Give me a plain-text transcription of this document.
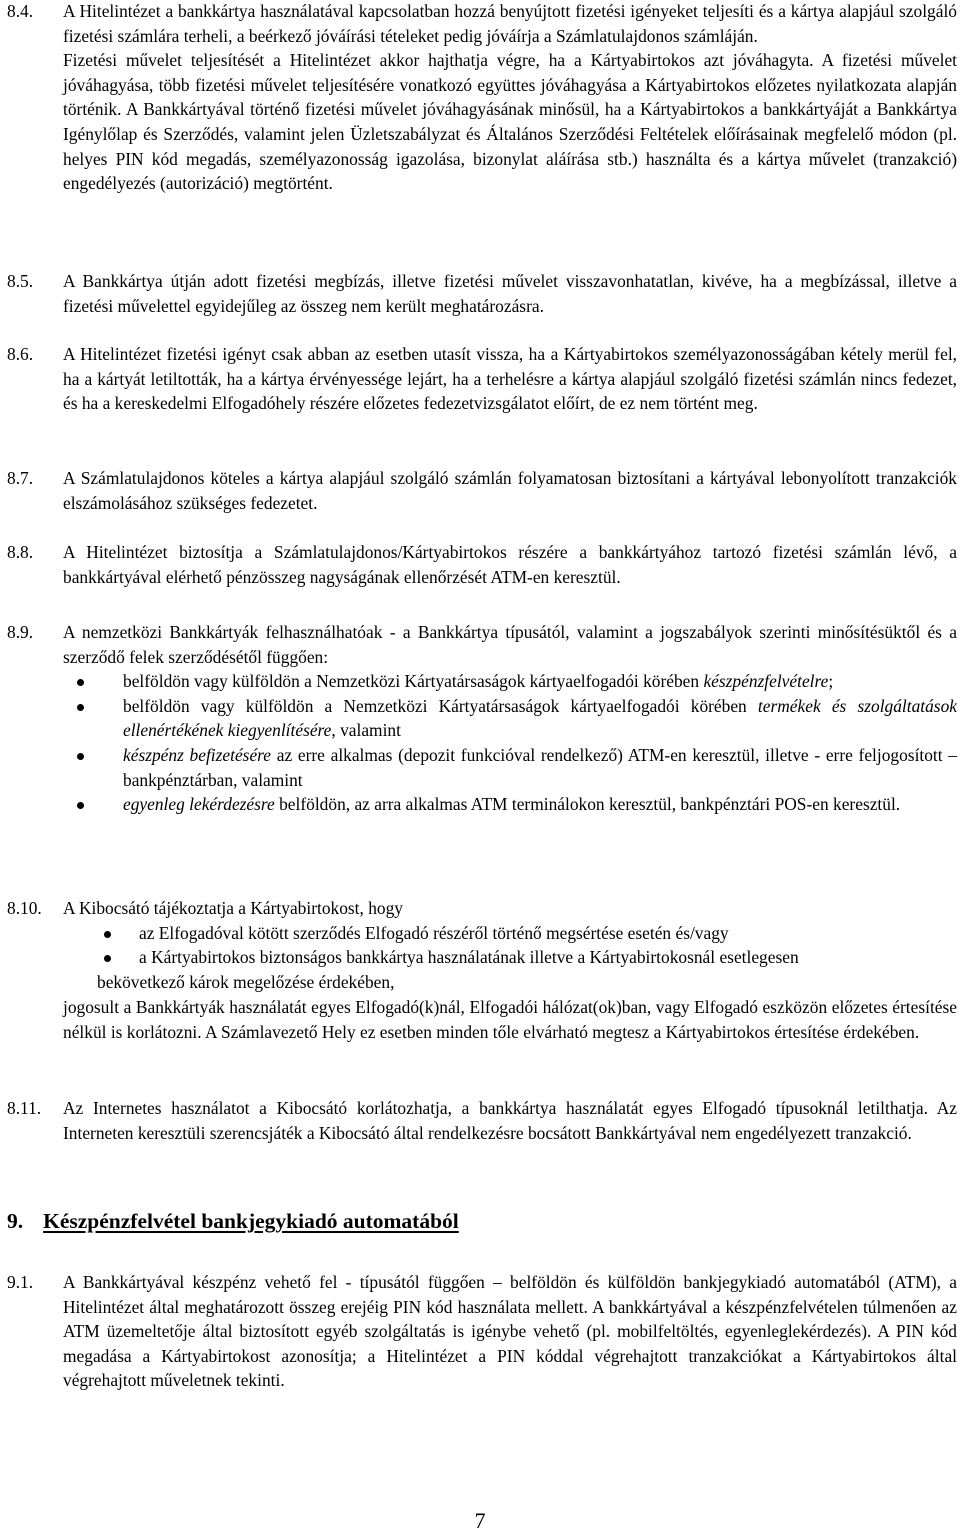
8.4.	A Hitelintézet a bankkártya használatával kapcsolatban hozzá benyújtott fizetési igényeket teljesíti és a kártya alapjául szolgáló fizetési számlára terheli, a beérkező jóváírási tételeket pedig jóváírja a Számlatulajdonos számláján.

Fizetési művelet teljesítését a Hitelintézet akkor hajthatja végre, ha a Kártyabirtokos azt jóváhagyta. A fizetési művelet jóváhagyása, több fizetési művelet teljesítésére vonatkozó együttes jóváhagyása a Kártyabirtokos előzetes nyilatkozata alapján történik. A Bankkártyával történő fizetési művelet jóváhagyásának minősül, ha a Kártyabirtokos a bankkártyáját a Bankkártya Igénylőlap és Szerződés, valamint jelen Üzletszabályzat és Általános Szerződési Feltételek előírásainak megfelelő módon (pl. helyes PIN kód megadás, személyazonosság igazolása, bizonylat aláírása stb.) használta és a kártya művelet (tranzakció) engedélyezés (autorizáció) megtörtént.

8.5.	A Bankkártya útján adott fizetési megbízás, illetve fizetési művelet visszavonhatatlan, kivéve, ha a megbízással, illetve a fizetési művelettel egyidejűleg az összeg nem került meghatározásra.
8.6.	A Hitelintézet fizetési igényt csak abban az esetben utasít vissza, ha a Kártyabirtokos személyazonosságában kétely merül fel, ha a kártyát letiltották, ha a kártya érvényessége lejárt, ha a terhelésre a kártya alapjául szolgáló fizetési számlán nincs fedezet, és ha a kereskedelmi Elfogadóhely részére előzetes fedezetvizsgálatot előírt, de ez nem történt meg.
8.7.	A Számlatulajdonos köteles a kártya alapjául szolgáló számlán folyamatosan biztosítani a kártyával lebonyolított tranzakciók elszámolásához szükséges fedezetet.
8.8.	A Hitelintézet biztosítja a Számlatulajdonos/Kártyabirtokos részére a bankkártyához tartozó fizetési számlán lévő, a bankkártyával elérhető pénzösszeg nagyságának ellenőrzését ATM-en keresztül.
8.9.	A nemzetközi Bankkártyák felhasználhatóak - a Bankkártya típusától, valamint a jogszabályok szerinti minősítésüktől és a szerződő felek szerződésétől függően:

belföldön vagy külföldön a Nemzetközi Kártyatársaságok kártyaelfogadói körében készpénzfelvételre;
belföldön vagy külföldön a Nemzetközi Kártyatársaságok kártyaelfogadói körében termékek és szolgáltatások ellenértékének kiegyenlítésére, valamint
készpénz befizetésére az erre alkalmas (depozit funkcióval rendelkező) ATM-en keresztül, illetve - erre feljogosított – bankpénztárban, valamint
egyenleg lekérdezésre belföldön, az arra alkalmas ATM terminálokon keresztül, bankpénztári POS-en keresztül.
8.10.	A Kibocsátó tájékoztatja a Kártyabirtokost, hogy

az Elfogadóval kötött szerződés Elfogadó részéről történő megsértése esetén és/vagy
a Kártyabirtokos biztonságos bankkártya használatának illetve a Kártyabirtokosnál esetlegesen
bekövetkező károk megelőzése érdekében,
jogosult a Bankkártyák használatát egyes Elfogadó(k)nál, Elfogadói hálózat(ok)ban, vagy Elfogadó eszközön előzetes értesítése nélkül is korlátozni. A Számlavezető Hely ez esetben minden tőle elvárható megtesz a Kártyabirtokos értesítése érdekében.
8.11.	Az Internetes használatot a Kibocsátó korlátozhatja, a bankkártya használatát egyes Elfogadó típusoknál letilthatja. Az Interneten keresztüli szerencsjáték a Kibocsátó által rendelkezésre bocsátott Bankkártyával nem engedélyezett tranzakció.
9. Készpénzfelvétel bankjegykiadó automatából
9.1.	A Bankkártyával készpénz vehető fel - típusától függően – belföldön és külföldön bankjegykiadó automatából (ATM), a Hitelintézet által meghatározott összeg erejéig PIN kód használata mellett. A bankkártyával a készpénzfelvételen túlmenően az ATM üzemeltetője által biztosított egyéb szolgáltatás is igénybe vehető (pl. mobilfeltöltés, egyenleglekérdezés). A PIN kód megadása a Kártyabirtokost azonosítja; a Hitelintézet a PIN kóddal végrehajtott tranzakciókat a Kártyabirtokos által végrehajtott műveletnek tekinti.
7
